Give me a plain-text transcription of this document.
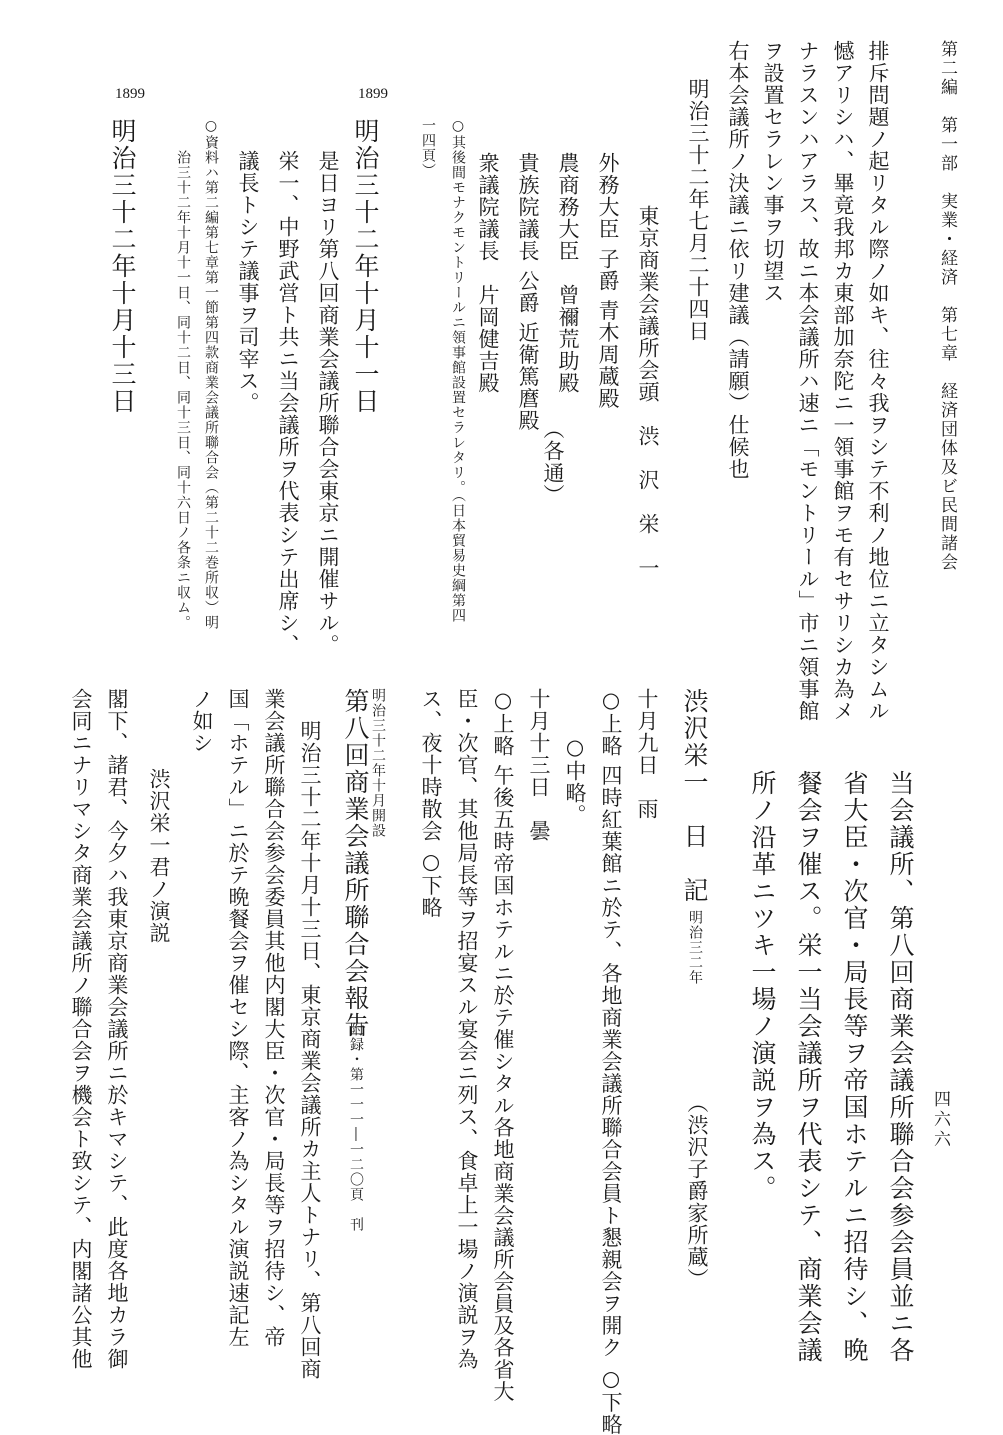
第二編　第一部　実業・経済　第七章　経済団体及ビ民間諸会
四六六
排斥問題ノ起リタル際ノ如キ、往々我ヲシテ不利ノ地位ニ立タシムル
憾アリシハ、畢竟我邦カ東部加奈陀ニ一領事館ヲモ有セサリシカ為メ
ナラスンハアラス、故ニ本会議所ハ速ニ「モントリール」市ニ領事館
ヲ設置セラレン事ヲ切望ス
右本会議所ノ決議ニ依リ建議（請願）仕候也
明治三十二年七月二十四日
東京商業会議所会頭　渋　沢　栄　一
外務大臣子爵 青木周蔵殿
農商務大臣曾禰荒助殿
貴族院議長公爵 近衛篤麿殿
（各通）
衆議院議長片岡健吉殿
○其後間モナクモントリールニ領事館設置セラレタリ。（日本貿易史綱第四
一四頁）
1899
明治三十二年十月十一日
是日ヨリ第八回商業会議所聯合会東京ニ開催サル。
栄一、中野武営ト共ニ当会議所ヲ代表シテ出席シ、
議長トシテ議事ヲ司宰ス。
○資料ハ第二編第七章第一節第四款商業会議所聯合会（第二十二巻所収）明
治三十二年十月十一日、同十二日、同十三日、同十六日ノ各条ニ収ム。
1899
明治三十二年十月十三日
当会議所、第八回商業会議所聯合会参会員並ニ各
省大臣・次官・局長等ヲ帝国ホテルニ招待シ、晩
餐会ヲ催ス。栄一当会議所ヲ代表シテ、商業会議
所ノ沿革ニツキ一場ノ演説ヲ為ス。
渋沢栄一　日　記
明治三二年
（渋沢子爵家所蔵）
十月九日　雨
○上略 四時紅葉館ニ於テ、各地商業会議所聯合会員ト懇親会ヲ開ク ○下略
○中略。
十月十三日　曇
○上略 午後五時帝国ホテルニ於テ催シタル各地商業会議所会員及各省大
臣・次官、其他局長等ヲ招宴スル宴会ニ列ス、食卓上一場ノ演説ヲ為
ス、夜十時散会 ○下略
明治三十二年十月開設
第八回商業会議所聯合会報告
附録・第一一一―一二〇頁　刊
明治三十二年十月十三日、東京商業会議所カ主人トナリ、第八回商
業会議所聯合会参会委員其他内閣大臣・次官・局長等ヲ招待シ、帝
国「ホテル」ニ於テ晩餐会ヲ催セシ際、主客ノ為シタル演説速記左
ノ如シ
渋沢栄一君ノ演説
閣下、諸君、今夕ハ我東京商業会議所ニ於キマシテ、此度各地カラ御
会同ニナリマシタ商業会議所ノ聯合会ヲ機会ト致シテ、内閣諸公其他
